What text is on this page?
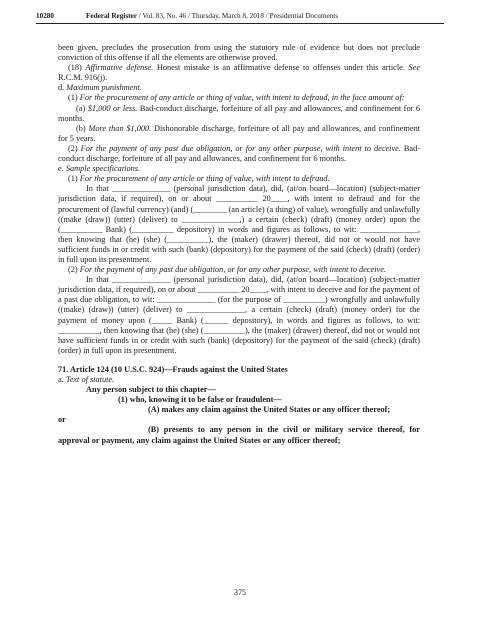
10280	Federal Register / Vol. 83, No. 46 / Thursday, March 8, 2018 / Presidential Documents

been given, precludes the prosecution from using the statutory rule of evidence but does not preclude conviction of this offense if all the elements are otherwise proved.

(18) Affirmative defense. Honest mistake is an affirmative defense to offenses under this article. See R.C.M. 916(j).

d. Maximum punishment.

(1) For the procurement of any article or thing of value, with intent to defraud, in the face amount of:

(a) $1,000 or less. Bad-conduct discharge, forfeiture of all pay and allowances, and confinement for 6 months.

(b) More than $1,000. Dishonorable discharge, forfeiture of all pay and allowances, and confinement for 5 years.

(2) For the payment of any past due obligation, or for any other purpose, with intent to deceive. Bad-conduct discharge, forfeiture of all pay and allowances, and confinement for 6 months.

e. Sample specifications.

(1) For the procurement of any article or thing of value, with intent to defraud.

In that ______________ (personal jurisdiction data), did, (at/on board—location) (subject-matter jurisdiction data, if required), on or about __________ 20____, with intent to defraud and for the procurement of (lawful currency) (and) (________ (an article) (a thing) of value), wrongfully and unlawfully ((make (draw)) (utter) (deliver) to ______________,) a certain (check) (draft) (money order) upon the (__________ Bank) (__________ depository) in words and figures as follows, to wit: ______________, then knowing that (he) (she) (__________), the (maker) (drawer) thereof, did not or would not have sufficient funds in or credit with such (bank) (depository) for the payment of the said (check) (draft) (order) in full upon its presentment.

(2) For the payment of any past due obligation, or for any other purpose, with intent to deceive.

In that ______________ (personal jurisdiction data), did, (at/on board—location) (subject-matter jurisdiction data, if required), on or about __________ 20____, with intent to deceive and for the payment of a past due obligation, to wit: ______________ (for the purpose of __________) wrongfully and unlawfully ((make) (draw)) (utter) (deliver) to ______________, a certain (check) (draft) (money order) for the payment of money upon (_____ Bank) (______ depository), in words and figures as follows, to wit: __________, then knowing that (he) (she) (__________), the (maker) (drawer) thereof, did not or would not have sufficient funds in or credit with such (bank) (depository) for the payment of the said (check) (draft) (order) in full upon its presentment.

71. Article 124 (10 U.S.C. 924)—Frauds against the United States

a. Text of statute.

Any person subject to this chapter—

(1) who, knowing it to be false or fraudulent—

(A) makes any claim against the United States or any officer thereof;

or

(B) presents to any person in the civil or military service thereof, for approval or payment, any claim against the United States or any officer thereof;

375
